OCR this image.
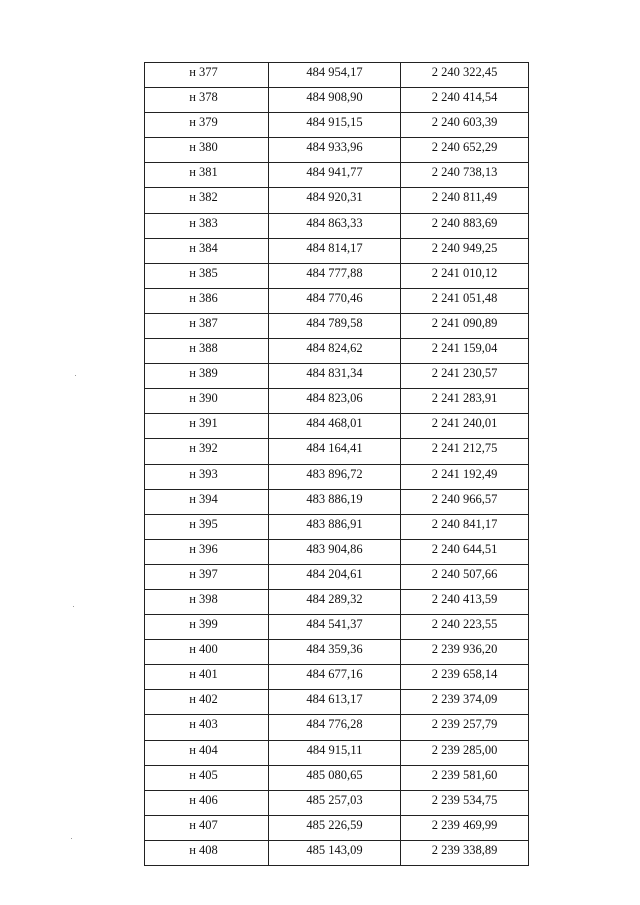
н 377	484 954,17	2 240 322,45
н 378	484 908,90	2 240 414,54
н 379	484 915,15	2 240 603,39
н 380	484 933,96	2 240 652,29
н 381	484 941,77	2 240 738,13
н 382	484 920,31	2 240 811,49
н 383	484 863,33	2 240 883,69
н 384	484 814,17	2 240 949,25
н 385	484 777,88	2 241 010,12
н 386	484 770,46	2 241 051,48
н 387	484 789,58	2 241 090,89
н 388	484 824,62	2 241 159,04
н 389	484 831,34	2 241 230,57
н 390	484 823,06	2 241 283,91
н 391	484 468,01	2 241 240,01
н 392	484 164,41	2 241 212,75
н 393	483 896,72	2 241 192,49
н 394	483 886,19	2 240 966,57
н 395	483 886,91	2 240 841,17
н 396	483 904,86	2 240 644,51
н 397	484 204,61	2 240 507,66
н 398	484 289,32	2 240 413,59
н 399	484 541,37	2 240 223,55
н 400	484 359,36	2 239 936,20
н 401	484 677,16	2 239 658,14
н 402	484 613,17	2 239 374,09
н 403	484 776,28	2 239 257,79
н 404	484 915,11	2 239 285,00
н 405	485 080,65	2 239 581,60
н 406	485 257,03	2 239 534,75
н 407	485 226,59	2 239 469,99
н 408	485 143,09	2 239 338,89
